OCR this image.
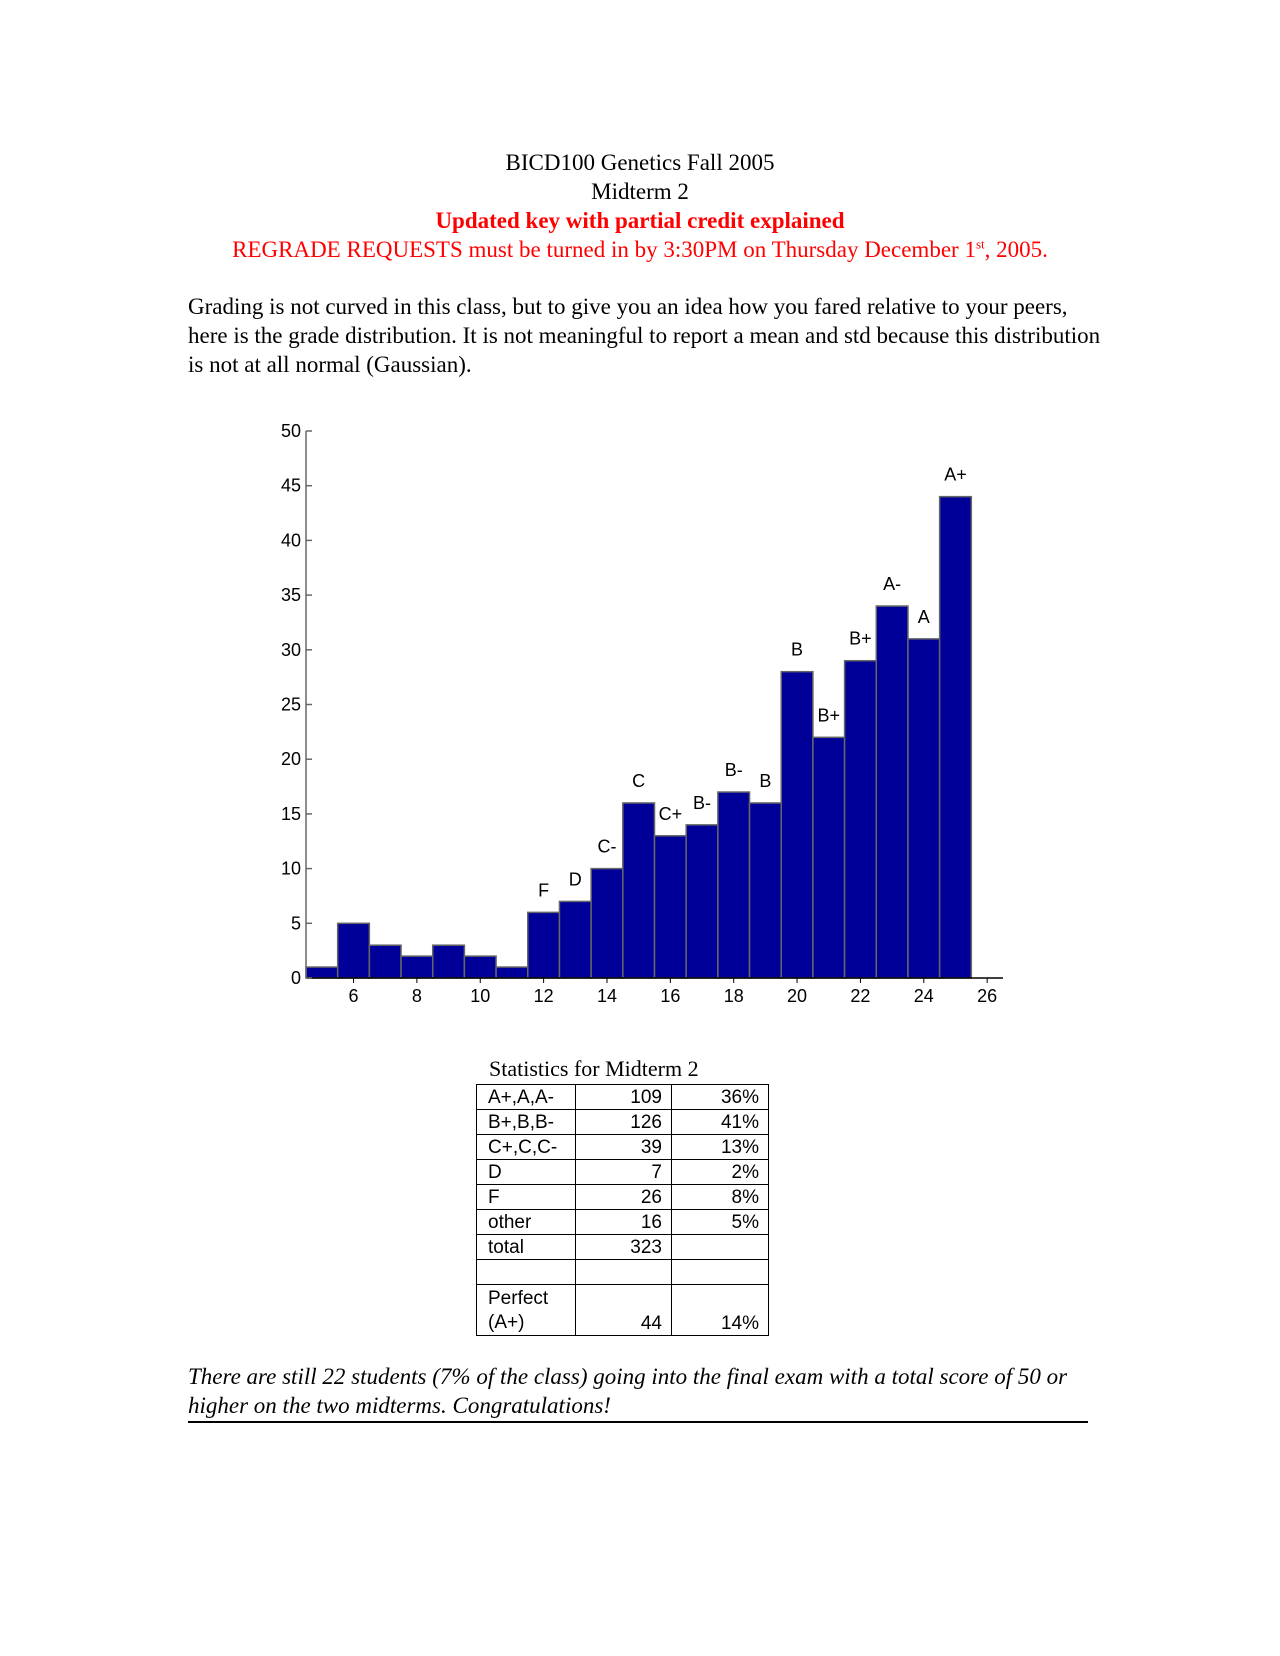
BICD100 Genetics Fall 2005
Midterm 2
Updated key with partial credit explained
REGRADE REQUESTS must be turned in by 3:30PM on Thursday December 1st, 2005.
Grading is not curved in this class, but to give you an idea how you fared relative to your peers, here is the grade distribution. It is not meaningful to report a mean and std because this distribution is not at all normal (Gaussian).
0
5
10
15
20
25
30
35
40
45
50
6	8	10 12 14 16 18 20 22 24 26
F
D
C-
C
C+
B-
B-
B
B
B+
B+
A-
A
A+
Statistics for Midterm 2
A+,A,A-	109	36%
B+,B,B-	126	41%
C+,C,C-	39	13%
D	7	2%
F	26	8%
other	16	5%
total	323	

Perfect
(A+)	44	14%
There are still 22 students (7% of the class) going into the final exam with a total score of 50 or higher on the two midterms. Congratulations!
